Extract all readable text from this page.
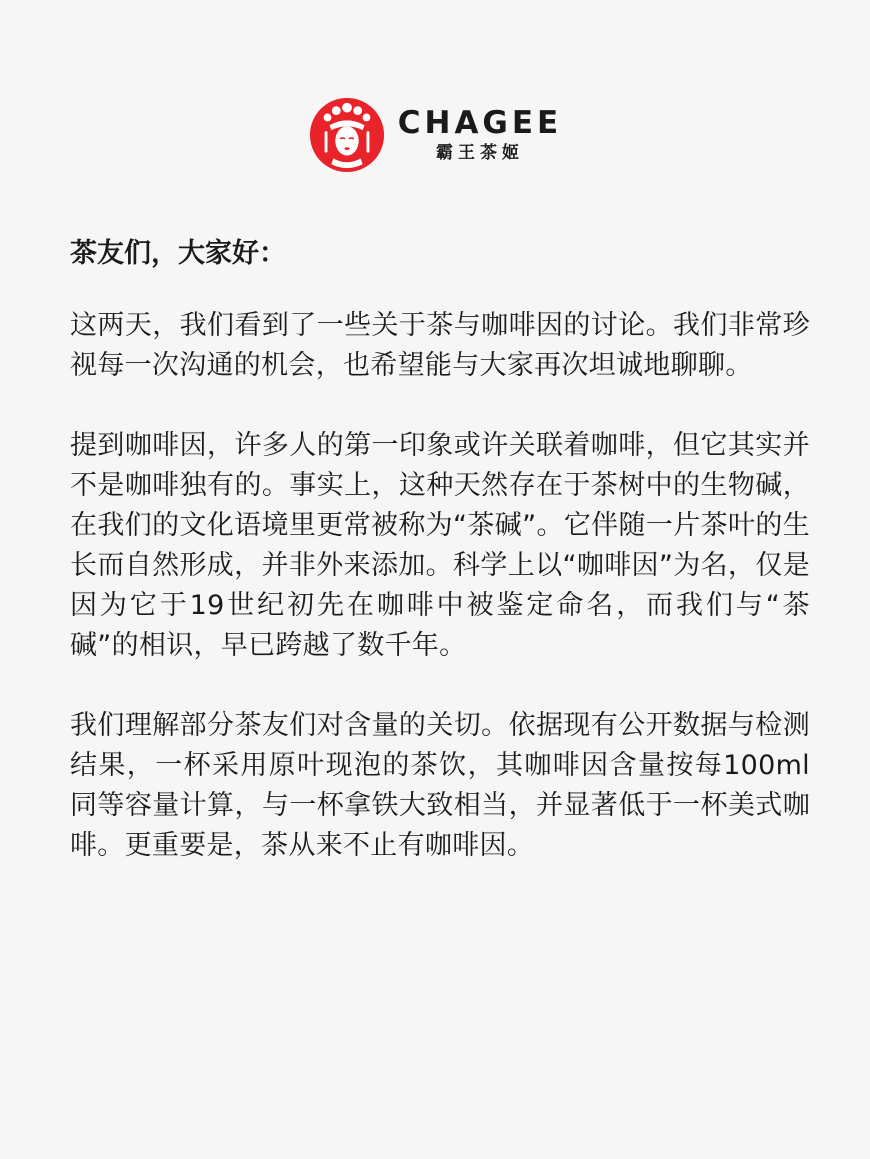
CHAGEE
霸王茶姬

茶友们，大家好：

这两天，我们看到了一些关于茶与咖啡因的讨论。我们非常珍视每一次沟通的机会，也希望能与大家再次坦诚地聊聊。

提到咖啡因，许多人的第一印象或许关联着咖啡，但它其实并不是咖啡独有的。事实上，这种天然存在于茶树中的生物碱，在我们的文化语境里更常被称为“茶碱”。它伴随一片茶叶的生长而自然形成，并非外来添加。科学上以“咖啡因”为名，仅是因为它于19世纪初先在咖啡中被鉴定命名，而我们与“茶碱”的相识，早已跨越了数千年。

我们理解部分茶友们对含量的关切。依据现有公开数据与检测结果，一杯采用原叶现泡的茶饮，其咖啡因含量按每100ml同等容量计算，与一杯拿铁大致相当，并显著低于一杯美式咖啡。更重要是，茶从来不止有咖啡因。
